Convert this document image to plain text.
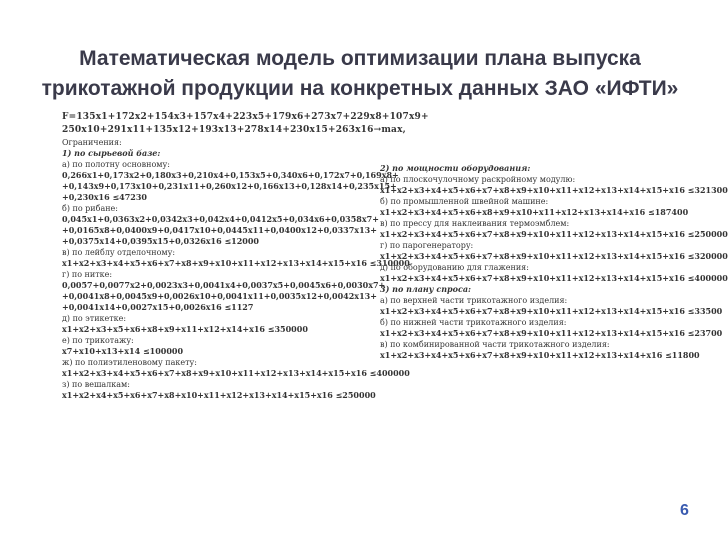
Математическая модель оптимизации плана выпуска
трикотажной продукции на конкретных данных ЗАО «ИФТИ»
F=135x1+172x2+154x3+157x4+223x5+179x6+273x7+229x8+107x9+
250x10+291x11+135x12+193x13+278x14+230x15+263x16→max,
Ограничения:
1) по сырьевой базе:
а) по полотну основному:
0,266x1+0,173x2+0,180x3+0,210x4+0,153x5+0,340x6+0,172x7+0,169x8+
+0,143x9+0,173x10+0,231x11+0,260x12+0,166x13+0,128x14+0,235x15+
+0,230x16 ≤47230
б) по рибане:
0,045x1+0,0363x2+0,0342x3+0,042x4+0,0412x5+0,034x6+0,0358x7+
+0,0165x8+0,0400x9+0,0417x10+0,0445x11+0,0400x12+0,0337x13+
+0,0375x14+0,0395x15+0,0326x16 ≤12000
в) по лейблу отделочному:
x1+x2+x3+x4+x5+x6+x7+x8+x9+x10+x11+x12+x13+x14+x15+x16 ≤310000
г) по нитке:
0,0057+0,0077x2+0,0023x3+0,0041x4+0,0037x5+0,0045x6+0,0030x7+
+0,0041x8+0,0045x9+0,0026x10+0,0041x11+0,0035x12+0,0042x13+
+0,0041x14+0,0027x15+0,0026x16 ≤1127
д) по этикетке:
x1+x2+x3+x5+x6+x8+x9+x11+x12+x14+x16 ≤350000
е) по трикотажу:
x7+x10+x13+x14 ≤100000
ж) по полиэтиленовому пакету:
x1+x2+x3+x4+x5+x6+x7+x8+x9+x10+x11+x12+x13+x14+x15+x16 ≤400000
з) по вешалкам:
x1+x2+x4+x5+x6+x7+x8+x10+x11+x12+x13+x14+x15+x16 ≤250000
2) по мощности оборудования:
а) по плоскочулочному раскройному модулю:
x1+x2+x3+x4+x5+x6+x7+x8+x9+x10+x11+x12+x13+x14+x15+x16 ≤321300
б) по промышленной швейной машине:
x1+x2+x3+x4+x5+x6+x8+x9+x10+x11+x12+x13+x14+x16 ≤187400
в) по прессу для наклеивания термоэмблем:
x1+x2+x3+x4+x5+x6+x7+x8+x9+x10+x11+x12+x13+x14+x15+x16 ≤250000
г) по парогенератору:
x1+x2+x3+x4+x5+x6+x7+x8+x9+x10+x11+x12+x13+x14+x15+x16 ≤320000
д) по оборудованию для глажения:
x1+x2+x3+x4+x5+x6+x7+x8+x9+x10+x11+x12+x13+x14+x15+x16 ≤400000
3) по плану спроса:
а) по верхней части трикотажного изделия:
x1+x2+x3+x4+x5+x6+x7+x8+x9+x10+x11+x12+x13+x14+x15+x16 ≤33500
б) по нижней части трикотажного изделия:
x1+x2+x3+x4+x5+x6+x7+x8+x9+x10+x11+x12+x13+x14+x15+x16 ≤23700
в) по комбинированной части трикотажного изделия:
x1+x2+x3+x4+x5+x6+x7+x8+x9+x10+x11+x12+x13+x14+x16 ≤11800
6
